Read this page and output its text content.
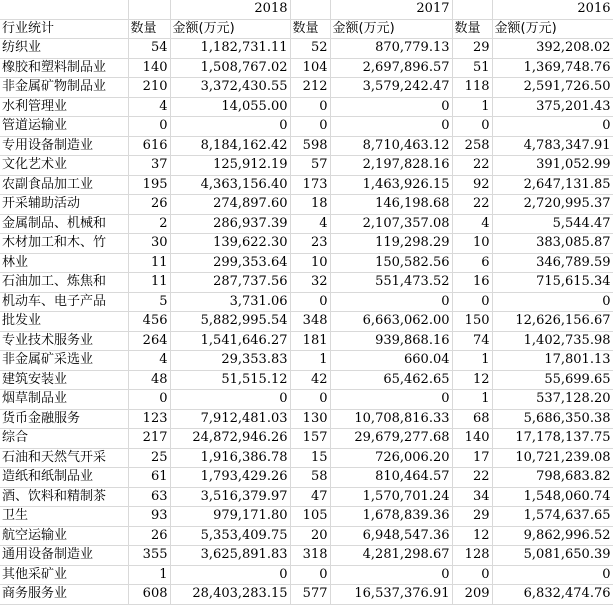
		2018		2017		2016
行业统计	数量	金额(万元)	数量	金额(万元)	数量	金额(万元)
纺织业	54	1,182,731.11	52	870,779.13	29	392,208.02
橡胶和塑料制品业	140	1,508,767.02	104	2,697,896.57	51	1,369,748.76
非金属矿物制品业	210	3,372,430.55	212	3,579,242.47	118	2,591,726.50
水利管理业	4	14,055.00	0	0	1	375,201.43
管道运输业	0	0	0	0	0	0
专用设备制造业	616	8,184,162.42	598	8,710,463.12	258	4,783,347.91
文化艺术业	37	125,912.19	57	2,197,828.16	22	391,052.99
农副食品加工业	195	4,363,156.40	173	1,463,926.15	92	2,647,131.85
开采辅助活动	26	274,897.60	18	146,198.68	22	2,720,995.37
金属制品、机械和	2	286,937.39	4	2,107,357.08	4	5,544.47
木材加工和木、竹	30	139,622.30	23	119,298.29	10	383,085.87
林业	11	299,353.64	10	150,582.56	6	346,789.59
石油加工、炼焦和	11	287,737.56	32	551,473.52	16	715,615.34
机动车、电子产品	5	3,731.06	0	0	0	0
批发业	456	5,882,995.54	348	6,663,062.00	150	12,626,156.67
专业技术服务业	264	1,541,646.27	181	939,868.16	74	1,402,735.98
非金属矿采选业	4	29,353.83	1	660.04	1	17,801.13
建筑安装业	48	51,515.12	42	65,462.65	12	55,699.65
烟草制品业	0	0	0	0	1	537,128.20
货币金融服务	123	7,912,481.03	130	10,708,816.33	68	5,686,350.38
综合	217	24,872,946.26	157	29,679,277.68	140	17,178,137.75
石油和天然气开采	25	1,916,386.78	15	726,006.20	17	10,721,239.08
造纸和纸制品业	61	1,793,429.26	58	810,464.57	22	798,683.82
酒、饮料和精制茶	63	3,516,379.97	47	1,570,701.24	34	1,548,060.74
卫生	93	979,171.80	105	1,678,839.36	29	1,574,637.65
航空运输业	26	5,353,409.75	20	6,948,547.36	12	9,862,996.52
通用设备制造业	355	3,625,891.83	318	4,281,298.67	128	5,081,650.39
其他采矿业	1	0	0	0	0	0
商务服务业	608	28,403,283.15	577	16,537,376.91	209	6,832,474.76
